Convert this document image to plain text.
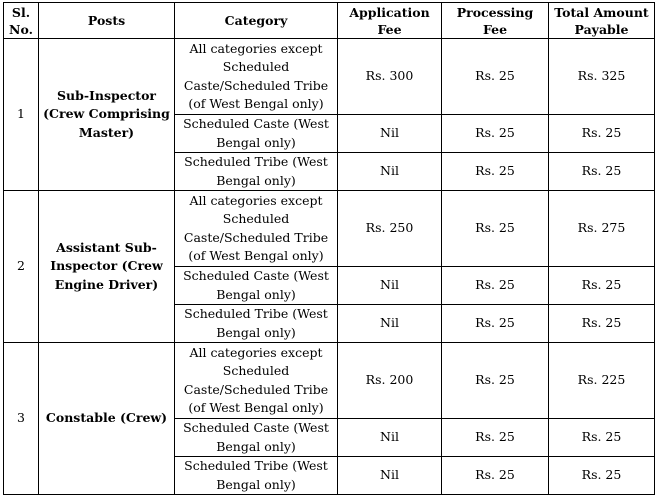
Sl. No.	Posts	Category	Application Fee	Processing Fee	Total Amount Payable
1	Sub-Inspector (Crew Comprising Master)	All categories except Scheduled Caste/Scheduled Tribe (of West Bengal only)	Rs. 300	Rs. 25	Rs. 325
		Scheduled Caste (West Bengal only)	Nil	Rs. 25	Rs. 25
		Scheduled Tribe (West Bengal only)	Nil	Rs. 25	Rs. 25
2	Assistant Sub-Inspector (Crew Engine Driver)	All categories except Scheduled Caste/Scheduled Tribe (of West Bengal only)	Rs. 250	Rs. 25	Rs. 275
		Scheduled Caste (West Bengal only)	Nil	Rs. 25	Rs. 25
		Scheduled Tribe (West Bengal only)	Nil	Rs. 25	Rs. 25
3	Constable (Crew)	All categories except Scheduled Caste/Scheduled Tribe (of West Bengal only)	Rs. 200	Rs. 25	Rs. 225
		Scheduled Caste (West Bengal only)	Nil	Rs. 25	Rs. 25
		Scheduled Tribe (West Bengal only)	Nil	Rs. 25	Rs. 25
